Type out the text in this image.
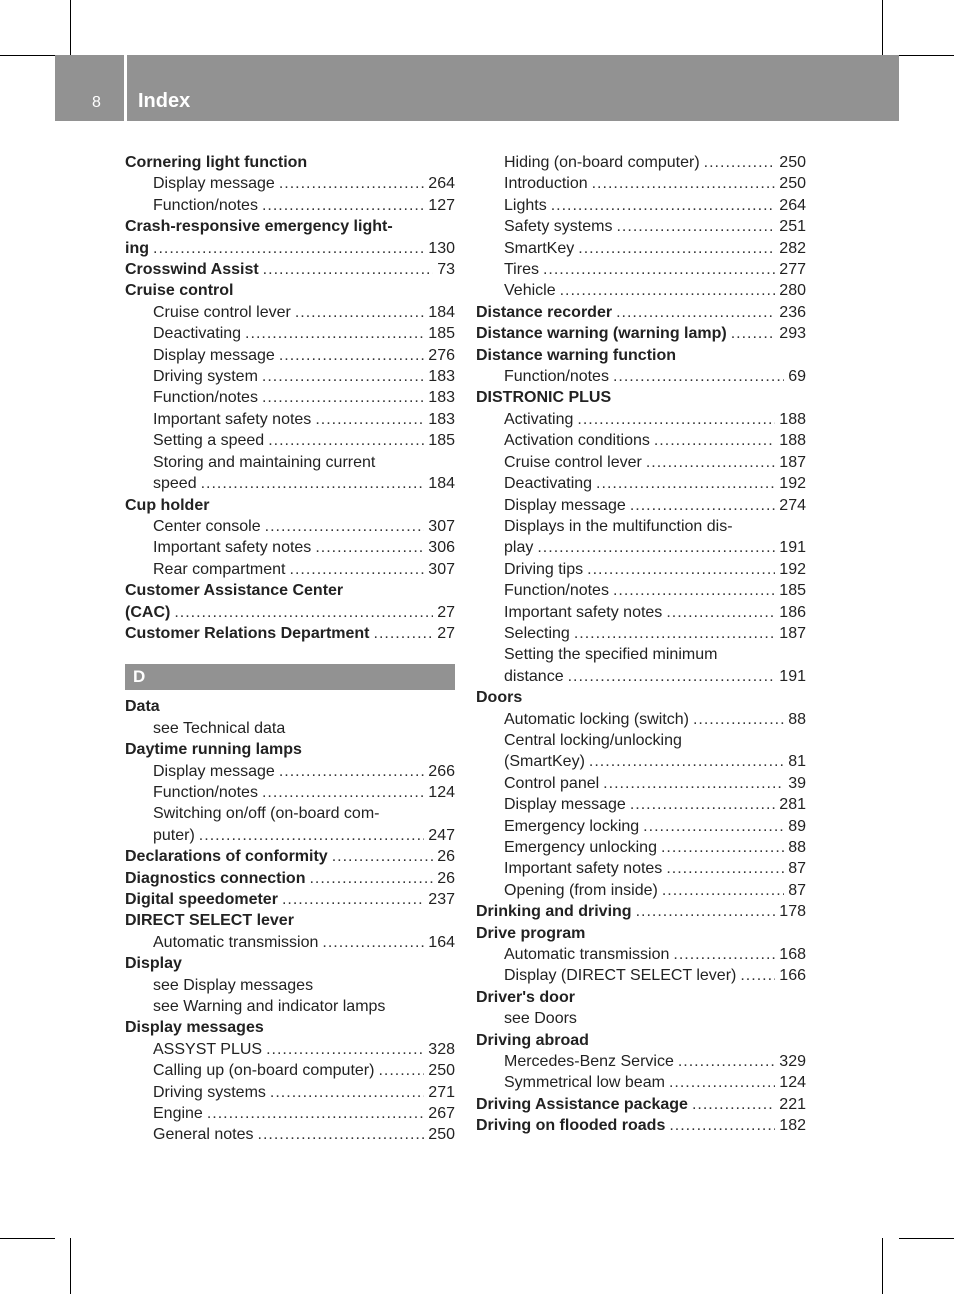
8 Index
Cornering light function
Display message .....	264
Function/notes .....	127
Crash-responsive emergency light-
ing .....	130
Crosswind Assist .....	73
Cruise control
Cruise control lever .....	184
Deactivating .....	185
Display message .....	276
Driving system .....	183
Function/notes .....	183
Important safety notes .....	183
Setting a speed .....	185
Storing and maintaining current
speed .....	184
Cup holder
Center console .....	307
Important safety notes .....	306
Rear compartment .....	307
Customer Assistance Center
(CAC) .....	27
Customer Relations Department .....	27
D
Data
see Technical data
Daytime running lamps
Display message .....	266
Function/notes .....	124
Switching on/off (on-board com-
puter) .....	247
Declarations of conformity .....	26
Diagnostics connection .....	26
Digital speedometer .....	237
DIRECT SELECT lever
Automatic transmission .....	164
Display
see Display messages
see Warning and indicator lamps
Display messages
ASSYST PLUS .....	328
Calling up (on-board computer) .....	250
Driving systems .....	271
Engine .....	267
General notes .....	250
Hiding (on-board computer) .....	250
Introduction .....	250
Lights .....	264
Safety systems .....	251
SmartKey .....	282
Tires .....	277
Vehicle .....	280
Distance recorder .....	236
Distance warning (warning lamp) .....	293
Distance warning function
Function/notes .....	69
DISTRONIC PLUS
Activating .....	188
Activation conditions .....	188
Cruise control lever .....	187
Deactivating .....	192
Display message .....	274
Displays in the multifunction dis-
play .....	191
Driving tips .....	192
Function/notes .....	185
Important safety notes .....	186
Selecting .....	187
Setting the specified minimum
distance .....	191
Doors
Automatic locking (switch) .....	88
Central locking/unlocking
(SmartKey) .....	81
Control panel .....	39
Display message .....	281
Emergency locking .....	89
Emergency unlocking .....	88
Important safety notes .....	87
Opening (from inside) .....	87
Drinking and driving .....	178
Drive program
Automatic transmission .....	168
Display (DIRECT SELECT lever) .....	166
Driver's door
see Doors
Driving abroad
Mercedes-Benz Service .....	329
Symmetrical low beam .....	124
Driving Assistance package .....	221
Driving on flooded roads .....	182
